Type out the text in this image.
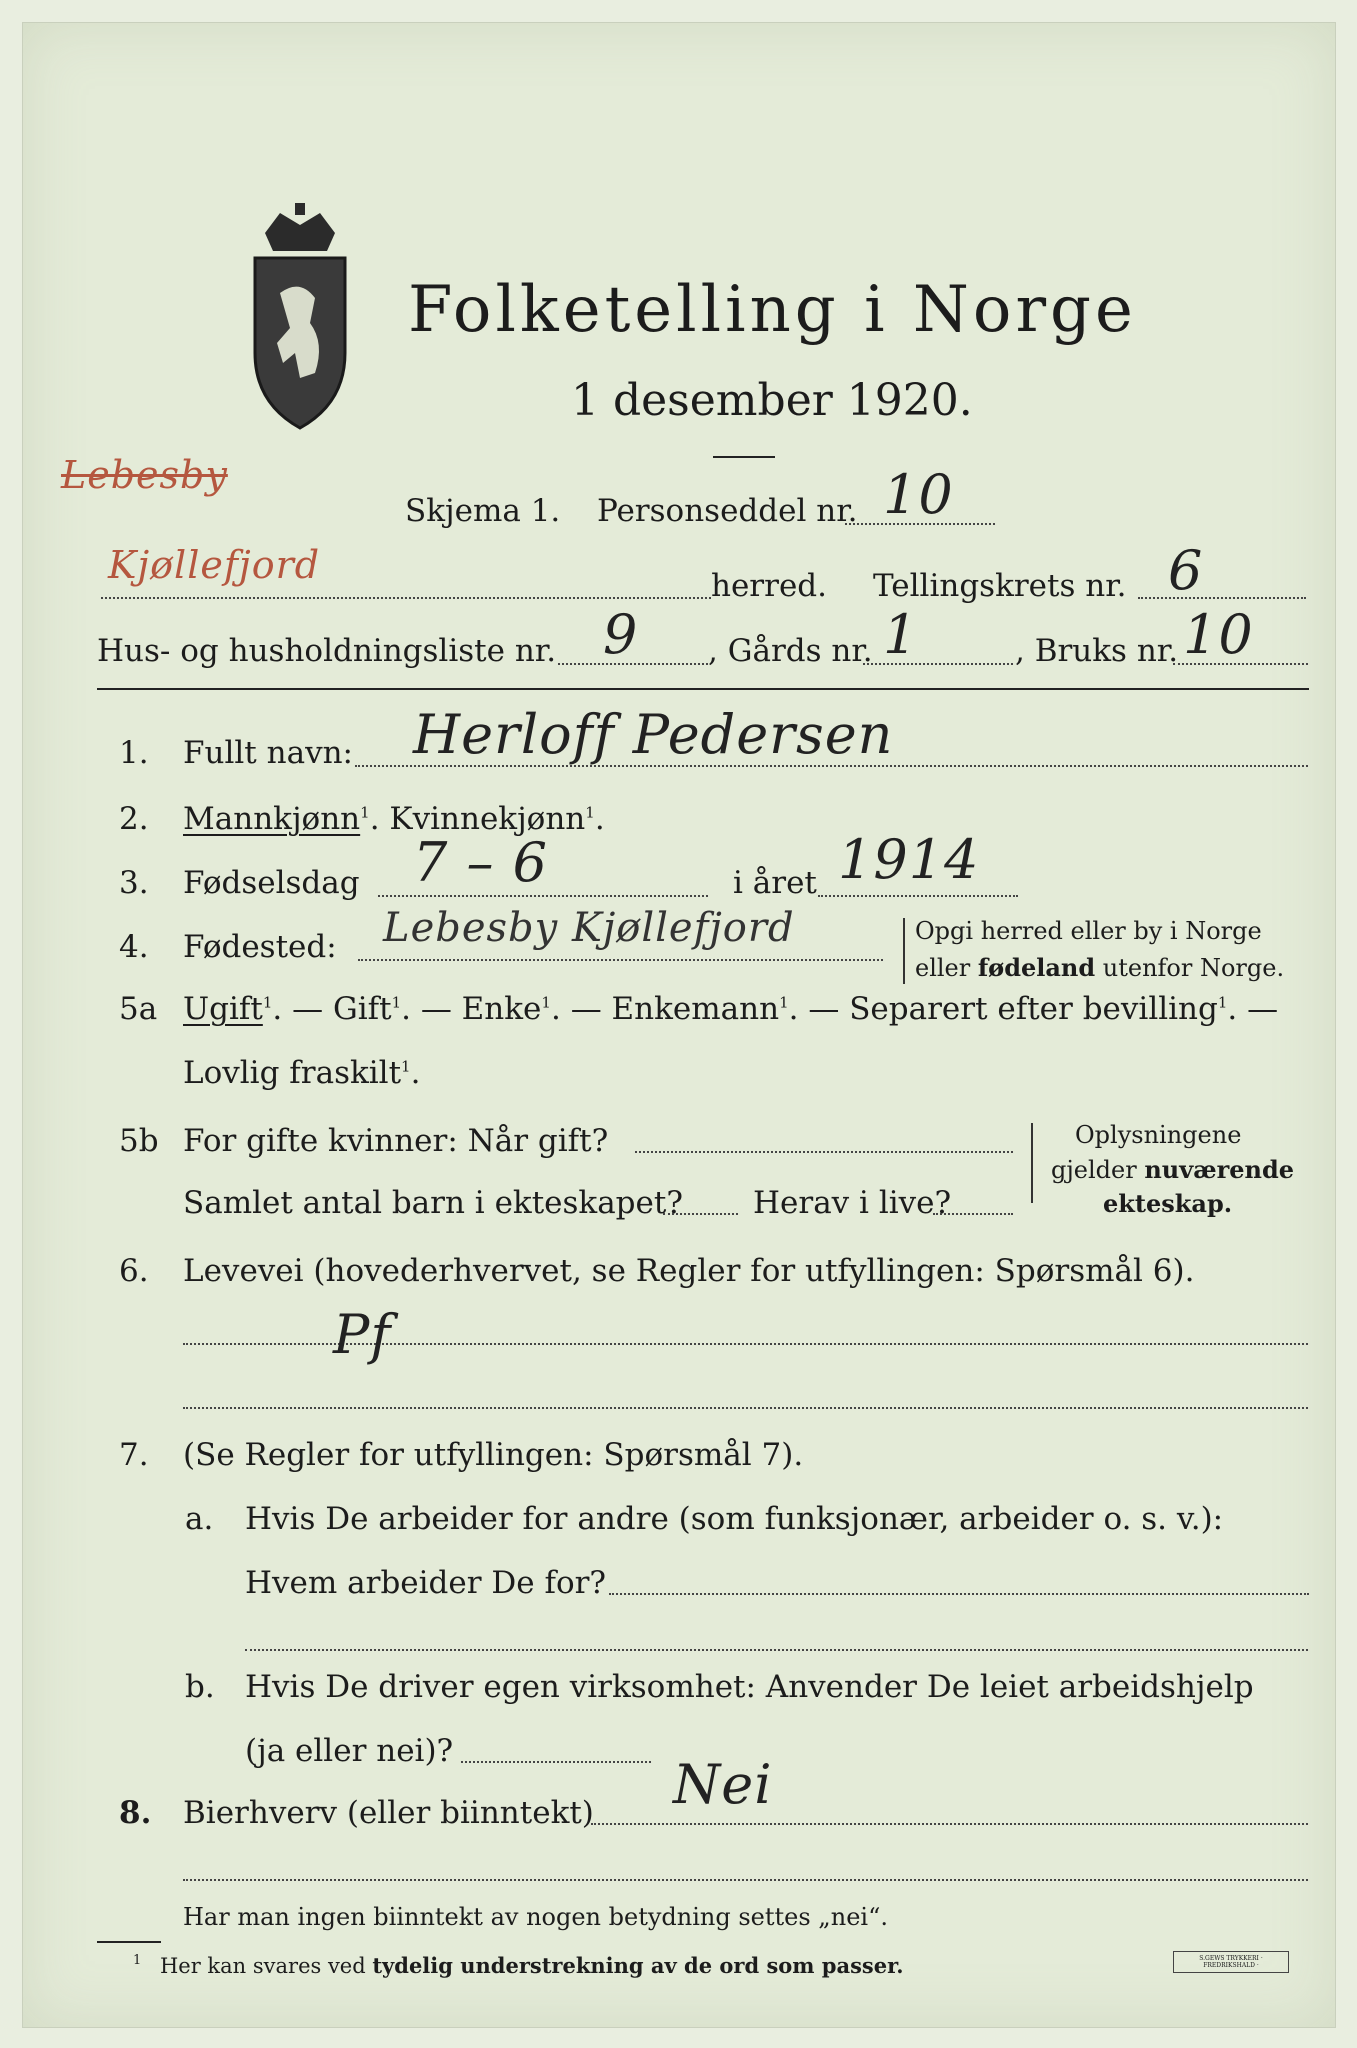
Folketelling i Norge
1 desember 1920.
Skjema 1. Personseddel nr. 10
Lebesby
Kjøllefjord	herred. Tellingskrets nr. 6
Hus- og husholdningsliste nr. 9 , Gårds nr. 1	, Bruks nr. 10
1. Fullt navn: Herloff Pedersen
2. Mannkjønn$^1$. Kvinnekjønn$^1$.
3. Fødselsdag 7 – 6	i året 1914
4. Fødested: Lebesby Kjøllefjord	Opgi herred eller by i Norge
eller fødeland utenfor Norge.
5a Ugift$^1$. — Gift$^1$. — Enke$^1$. — Enkemann$^1$. — Separert efter bevilling$^1$. —
Lovlig fraskilt$^1$.
5b For gifte kvinner: Når gift?
Samlet antal barn i ekteskapet? Herav i live?
Oplysningene
gjelder nuværende
ekteskap.
6. Levevei (hovederhvervet, se Regler for utfyllingen: Spørsmål 6).
Pf
7. (Se Regler for utfyllingen: Spørsmål 7).
a. Hvis De arbeider for andre (som funksjonær, arbeider o. s. v.):
Hvem arbeider De for?
b. Hvis De driver egen virksomhet: Anvender De leiet arbeidshjelp
(ja eller nei)?
8. Bierhverv (eller biinntekt) Nei
Har man ingen biinntekt av nogen betydning settes „nei“.
$^1$ Her kan svares ved tydelig understrekning av de ord som passer.	S.GEWS TRYKKERI · FREDRIKSHALD ·
